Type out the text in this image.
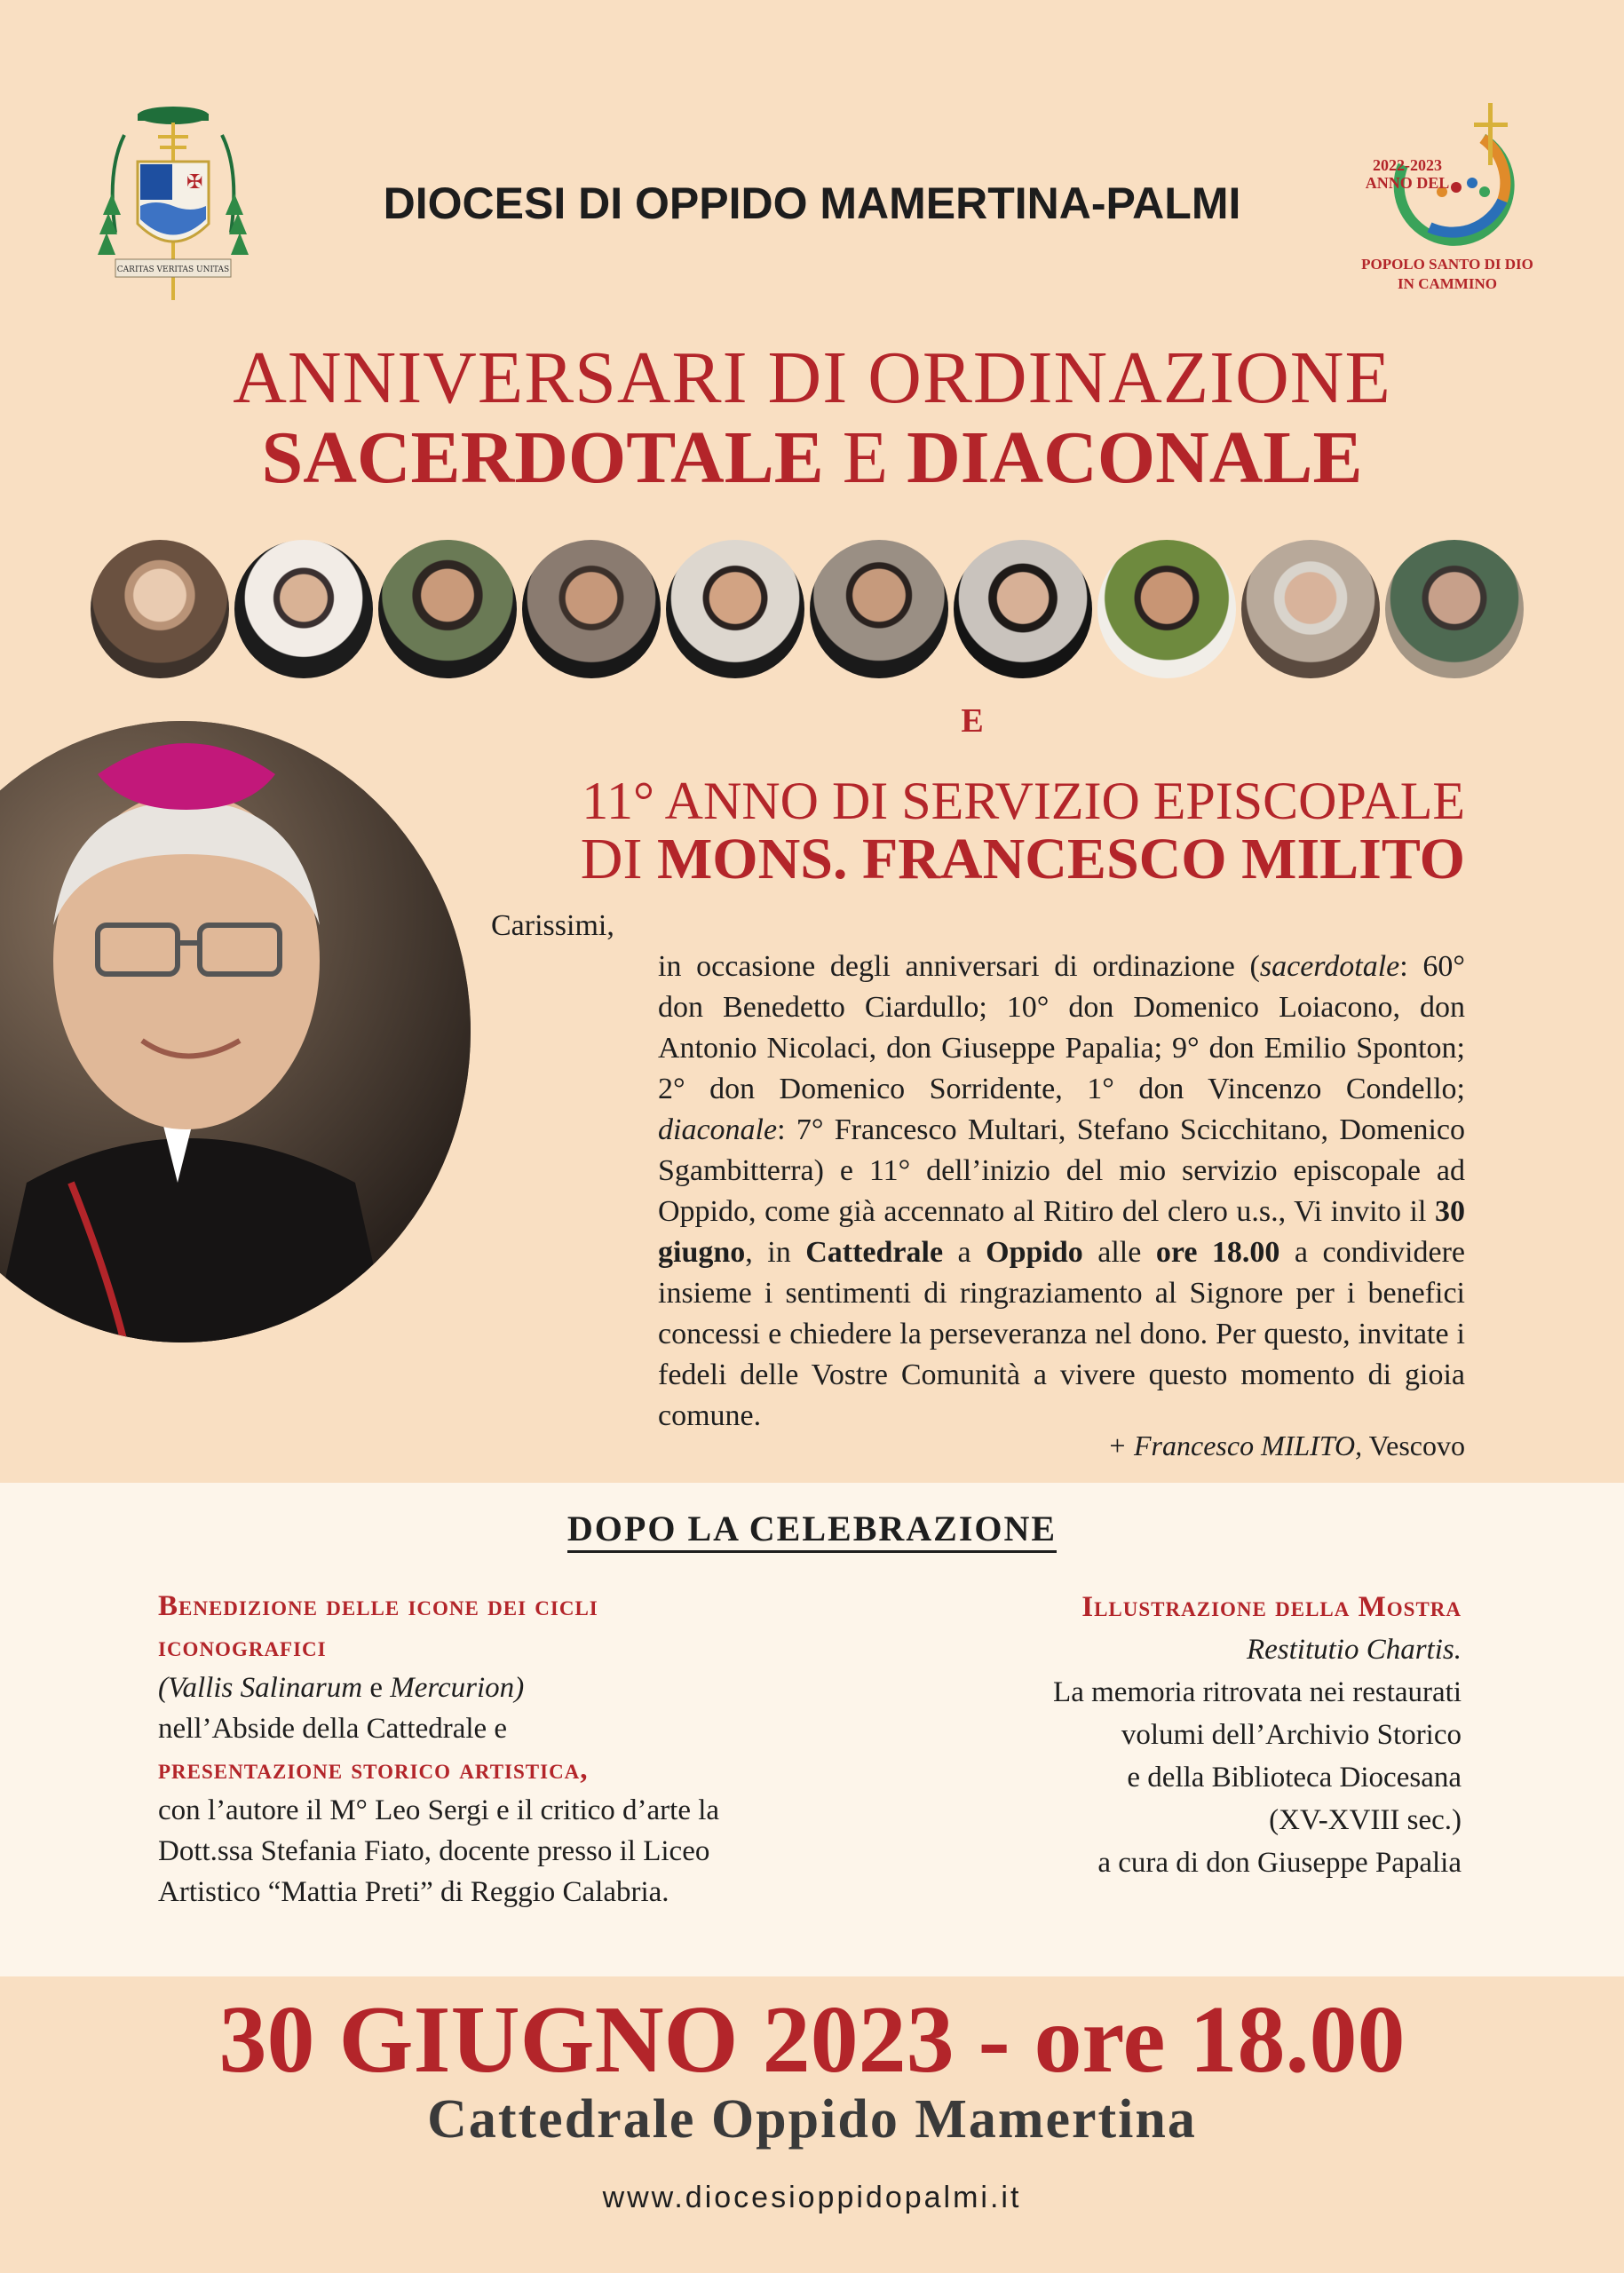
✠
CARITAS VERITAS UNITAS
DIOCESI DI OPPIDO MAMERTINA-PALMI
2022-2023
ANNO DEL
POPOLO SANTO DI DIO
IN CAMMINO
ANNIVERSARI DI ORDINAZIONE
SACERDOTALE E DIACONALE
E
11° ANNO DI SERVIZIO EPISCOPALE
DI MONS. FRANCESCO MILITO

Carissimi,

in occasione degli anniversari di ordinazione (sacerdotale: 60° don Benedetto Ciardullo; 10° don Domenico Loiacono, don Antonio Nicolaci, don Giuseppe Papalia; 9° don Emilio Sponton; 2° don Domenico Sorridente, 1° don Vincenzo Condello; diaconale: 7° Francesco Multari, Stefano Scicchitano, Domenico Sgambitterra) e 11° dell’inizio del mio servizio episcopale ad Oppido, come già accennato al Ritiro del clero u.s., Vi invito il 30 giugno, in Cattedrale a Oppido alle ore 18.00 a condividere insieme i sentimenti di ringraziamento al Signore per i benefici concessi e chiedere la perseveranza nel dono. Per questo, invitate i fedeli delle Vostre Comunità a vivere questo momento di gioia comune.

+ Francesco MILITO, Vescovo
DOPO LA CELEBRAZIONE
Benedizione delle icone dei cicli iconografici
(Vallis Salinarum e Mercurion)
nell’Abside della Cattedrale e
presentazione storico artistica,
con l’autore il M° Leo Sergi e il critico d’arte la Dott.ssa Stefania Fiato, docente presso il Liceo Artistico “Mattia Preti” di Reggio Calabria.
Illustrazione della Mostra
Restitutio Chartis.
La memoria ritrovata nei restaurati
volumi dell’Archivio Storico
e della Biblioteca Diocesana
(XV-XVIII sec.)
a cura di don Giuseppe Papalia
30 GIUGNO 2023 - ore 18.00
Cattedrale Oppido Mamertina
www.diocesioppidopalmi.it
